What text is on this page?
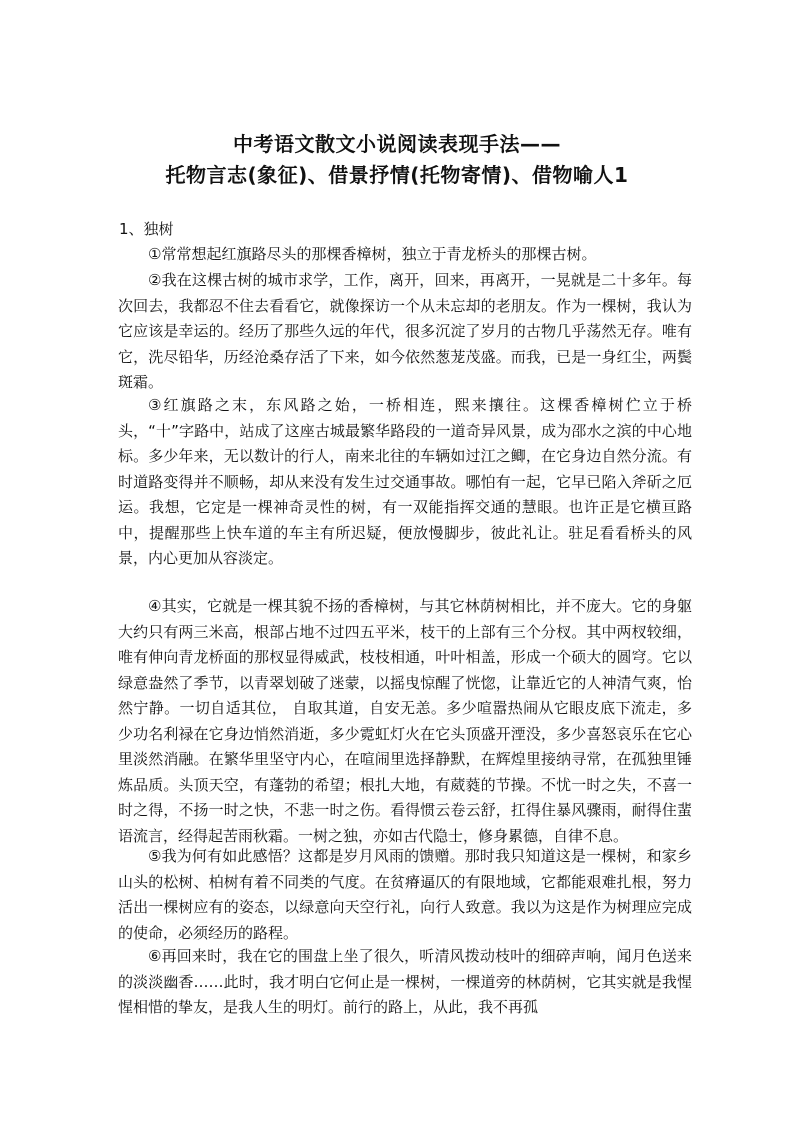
中考语文散文小说阅读表现手法——
托物言志(象征)、借景抒情(托物寄情)、借物喻人1
1、独树

①常常想起红旗路尽头的那棵香樟树，独立于青龙桥头的那棵古树。

②我在这棵古树的城市求学，工作，离开，回来，再离开，一晃就是二十多年。每次回去，我都忍不住去看看它，就像探访一个从未忘却的老朋友。作为一棵树，我认为它应该是幸运的。经历了那些久远的年代，很多沉淀了岁月的古物几乎荡然无存。唯有它，洗尽铅华，历经沧桑存活了下来，如今依然葱茏茂盛。而我，已是一身红尘，两鬓斑霜。

③红旗路之末，东风路之始，一桥相连，熙来攘往。这棵香樟树伫立于桥头，“十”字路中，站成了这座古城最繁华路段的一道奇异风景，成为邵水之滨的中心地标。多少年来，无以数计的行人，南来北往的车辆如过江之鲫，在它身边自然分流。有时道路变得并不顺畅，却从来没有发生过交通事故。哪怕有一起，它早已陷入斧斫之厄运。我想，它定是一棵神奇灵性的树，有一双能指挥交通的慧眼。也许正是它横亘路中，提醒那些上快车道的车主有所迟疑，便放慢脚步，彼此礼让。驻足看看桥头的风景，内心更加从容淡定。

④其实，它就是一棵其貌不扬的香樟树，与其它林荫树相比，并不庞大。它的身躯大约只有两三米高，根部占地不过四五平米，枝干的上部有三个分杈。其中两杈较细，唯有伸向青龙桥面的那杈显得威武，枝枝相通，叶叶相盖，形成一个硕大的圆穹。它以绿意盎然了季节，以青翠划破了迷蒙，以摇曳惊醒了恍惚，让靠近它的人神清气爽，怡然宁静。一切自适其位， 自取其道，自安无恙。多少喧嚣热闹从它眼皮底下流走，多少功名利禄在它身边悄然消逝，多少霓虹灯火在它头顶盛开湮没，多少喜怒哀乐在它心里淡然消融。在繁华里坚守内心，在喧闹里选择静默，在辉煌里接纳寻常，在孤独里锤炼品质。头顶天空，有蓬勃的希望；根扎大地，有葳蕤的节操。不忧一时之失，不喜一时之得，不扬一时之快，不悲一时之伤。看得惯云卷云舒，扛得住暴风骤雨，耐得住蜚语流言，经得起苦雨秋霜。一树之独，亦如古代隐士，修身累德，自律不息。

⑤我为何有如此感悟？这都是岁月风雨的馈赠。那时我只知道这是一棵树，和家乡山头的松树、柏树有着不同类的气度。在贫瘠逼仄的有限地域，它都能艰难扎根，努力活出一棵树应有的姿态，以绿意向天空行礼，向行人致意。我以为这是作为树理应完成的使命，必须经历的路程。

⑥再回来时，我在它的围盘上坐了很久，听清风拨动枝叶的细碎声响，闻月色送来的淡淡幽香……此时，我才明白它何止是一棵树，一棵道旁的林荫树，它其实就是我惺惺相惜的挚友，是我人生的明灯。前行的路上，从此，我不再孤
